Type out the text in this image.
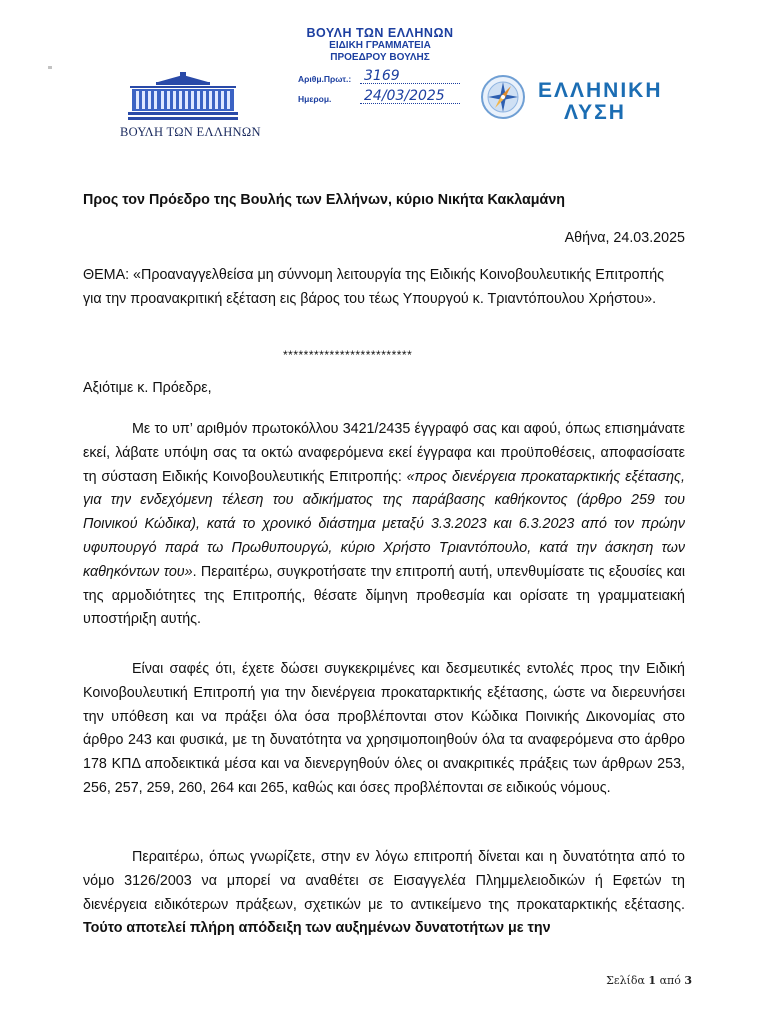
ΒΟΥΛΗ ΤΩΝ ΕΛΛΗΝΩΝ
ΒΟΥΛΗ ΤΩΝ ΕΛΛΗΝΩΝ
ΕΙΔΙΚΗ ΓΡΑΜΜΑΤΕΙΑ
ΠΡΟΕΔΡΟΥ ΒΟΥΛΗΣ
Αριθμ.Πρωτ.: 3169
Ημερομ.	24/03/2025	ΕΛΛΗΝΙΚΗ
ΛΥΣΗ
Προς τον Πρόεδρο της Βουλής των Ελλήνων, κύριο Νικήτα Κακλαμάνη
Αθήνα, 24.03.2025
ΘΕΜΑ: «Προαναγγελθείσα μη σύννομη λειτουργία της Ειδικής Κοινοβουλευτικής Επιτροπής για την προανακριτική εξέταση εις βάρος του τέως Υπουργού κ. Τριαντόπουλου Χρήστου».
*************************
Αξιότιμε κ. Πρόεδρε,
Με το υπ’ αριθμόν πρωτοκόλλου 3421/2435 έγγραφό σας και αφού, όπως επισημάνατε εκεί, λάβατε υπόψη σας τα οκτώ αναφερόμενα εκεί έγγραφα και προϋποθέσεις, αποφασίσατε τη σύσταση Ειδικής Κοινοβουλευτικής Επιτροπής: «προς διενέργεια προκαταρκτικής εξέτασης, για την ενδεχόμενη τέλεση του αδικήματος της παράβασης καθήκοντος (άρθρο 259 του Ποινικού Κώδικα), κατά το χρονικό διάστημα μεταξύ 3.3.2023 και 6.3.2023 από τον πρώην υφυπουργό παρά τω Πρωθυπουργώ, κύριο Χρήστο Τριαντόπουλο, κατά την άσκηση των καθηκόντων του». Περαιτέρω, συγκροτήσατε την επιτροπή αυτή, υπενθυμίσατε τις εξουσίες και της αρμοδιότητες της Επιτροπής, θέσατε δίμηνη προθεσμία και ορίσατε τη γραμματειακή υποστήριξη αυτής.
Είναι σαφές ότι, έχετε δώσει συγκεκριμένες και δεσμευτικές εντολές προς την Ειδική Κοινοβουλευτική Επιτροπή για την διενέργεια προκαταρκτικής εξέτασης, ώστε να διερευνήσει την υπόθεση και να πράξει όλα όσα προβλέπονται στον Κώδικα Ποινικής Δικονομίας στο άρθρο 243 και φυσικά, με τη δυνατότητα να χρησιμοποιηθούν όλα τα αναφερόμενα στο άρθρο 178 ΚΠΔ αποδεικτικά μέσα και να διενεργηθούν όλες οι ανακριτικές πράξεις των άρθρων 253, 256, 257, 259, 260, 264 και 265, καθώς και όσες προβλέπονται σε ειδικούς νόμους.
Περαιτέρω, όπως γνωρίζετε, στην εν λόγω επιτροπή δίνεται και η δυνατότητα από το νόμο 3126/2003 να μπορεί να αναθέτει σε Εισαγγελέα Πλημμελειοδικών ή Εφετών τη διενέργεια ειδικότερων πράξεων, σχετικών με το αντικείμενο της προκαταρκτικής εξέτασης. Τούτο αποτελεί πλήρη απόδειξη των αυξημένων δυνατοτήτων με την
Σελίδα 1 από 3
